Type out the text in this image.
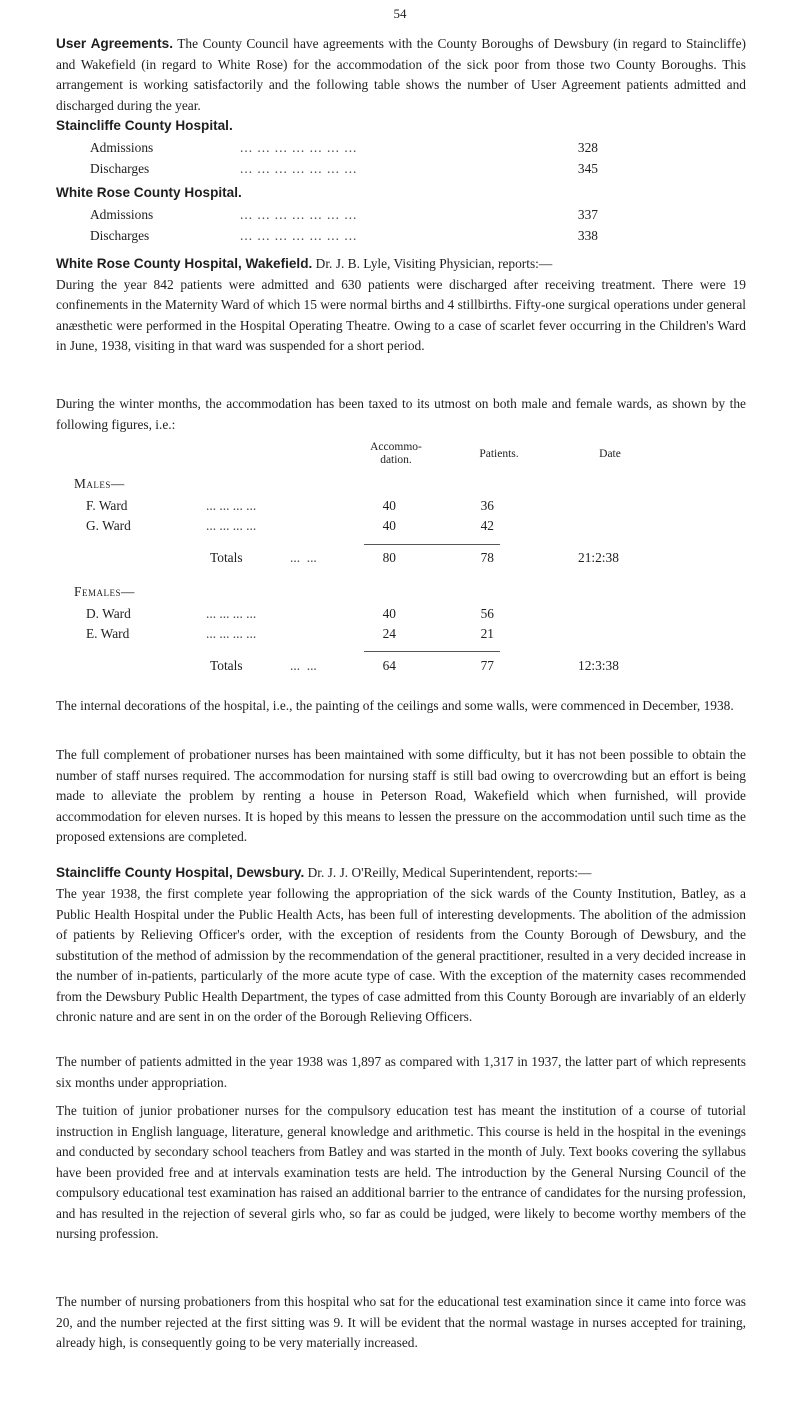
54

User Agreements. The County Council have agreements with the County Boroughs of Dewsbury (in regard to Staincliffe) and Wakefield (in regard to White Rose) for the accommodation of the sick poor from those two County Boroughs. This arrangement is working satisfactorily and the following table shows the number of User Agreement patients admitted and discharged during the year.

Staincliffe County Hospital.
Admissions	... ... ... ... ... ... ...	328
Discharges	... ... ... ... ... ... ...	345
White Rose County Hospital.
Admissions	... ... ... ... ... ... ...	337
Discharges	... ... ... ... ... ... ...	338

White Rose County Hospital, Wakefield. Dr. J. B. Lyle, Visiting Physician, reports:—
During the year 842 patients were admitted and 630 patients were discharged after receiving treatment. There were 19 confinements in the Maternity Ward of which 15 were normal births and 4 stillbirths. Fifty-one surgical operations under general anæsthetic were performed in the Hospital Operating Theatre. Owing to a case of scarlet fever occurring in the Children's Ward in June, 1938, visiting in that ward was suspended for a short period.

During the winter months, the accommodation has been taxed to its utmost on both male and female wards, as shown by the following figures, i.e.:

Accommo-
dation.	Patients.	Date
Males—
F. Ward	... ... ... ...	40	36
G. Ward	... ... ... ...	40	42
Totals	...  ...	80	78	21:2:38
Females—
D. Ward	... ... ... ...	40	56
E. Ward	... ... ... ...	24	21
Totals	...  ...	64	77	12:3:38

The internal decorations of the hospital, i.e., the painting of the ceilings and some walls, were commenced in December, 1938.

The full complement of probationer nurses has been maintained with some difficulty, but it has not been possible to obtain the number of staff nurses required. The accommodation for nursing staff is still bad owing to overcrowding but an effort is being made to alleviate the problem by renting a house in Peterson Road, Wakefield which when furnished, will provide accommodation for eleven nurses. It is hoped by this means to lessen the pressure on the accommodation until such time as the proposed extensions are completed.

Staincliffe County Hospital, Dewsbury. Dr. J. J. O'Reilly, Medical Superintendent, reports:—

The year 1938, the first complete year following the appropriation of the sick wards of the County Institution, Batley, as a Public Health Hospital under the Public Health Acts, has been full of interesting developments. The abolition of the admission of patients by Relieving Officer's order, with the exception of residents from the County Borough of Dewsbury, and the substitution of the method of admission by the recommendation of the general practitioner, resulted in a very decided increase in the number of in-patients, particularly of the more acute type of case. With the exception of the maternity cases recommended from the Dewsbury Public Health Department, the types of case admitted from this County Borough are invariably of an elderly chronic nature and are sent in on the order of the Borough Relieving Officers.

The number of patients admitted in the year 1938 was 1,897 as compared with 1,317 in 1937, the latter part of which represents six months under appropriation.

The tuition of junior probationer nurses for the compulsory education test has meant the institution of a course of tutorial instruction in English language, literature, general knowledge and arithmetic. This course is held in the hospital in the evenings and conducted by secondary school teachers from Batley and was started in the month of July. Text books covering the syllabus have been provided free and at intervals examination tests are held. The introduction by the General Nursing Council of the compulsory educational test examination has raised an additional barrier to the entrance of candidates for the nursing profession, and has resulted in the rejection of several girls who, so far as could be judged, were likely to become worthy members of the nursing profession.

The number of nursing probationers from this hospital who sat for the educational test examination since it came into force was 20, and the number rejected at the first sitting was 9. It will be evident that the normal wastage in nurses accepted for training, already high, is consequently going to be very materially increased.
